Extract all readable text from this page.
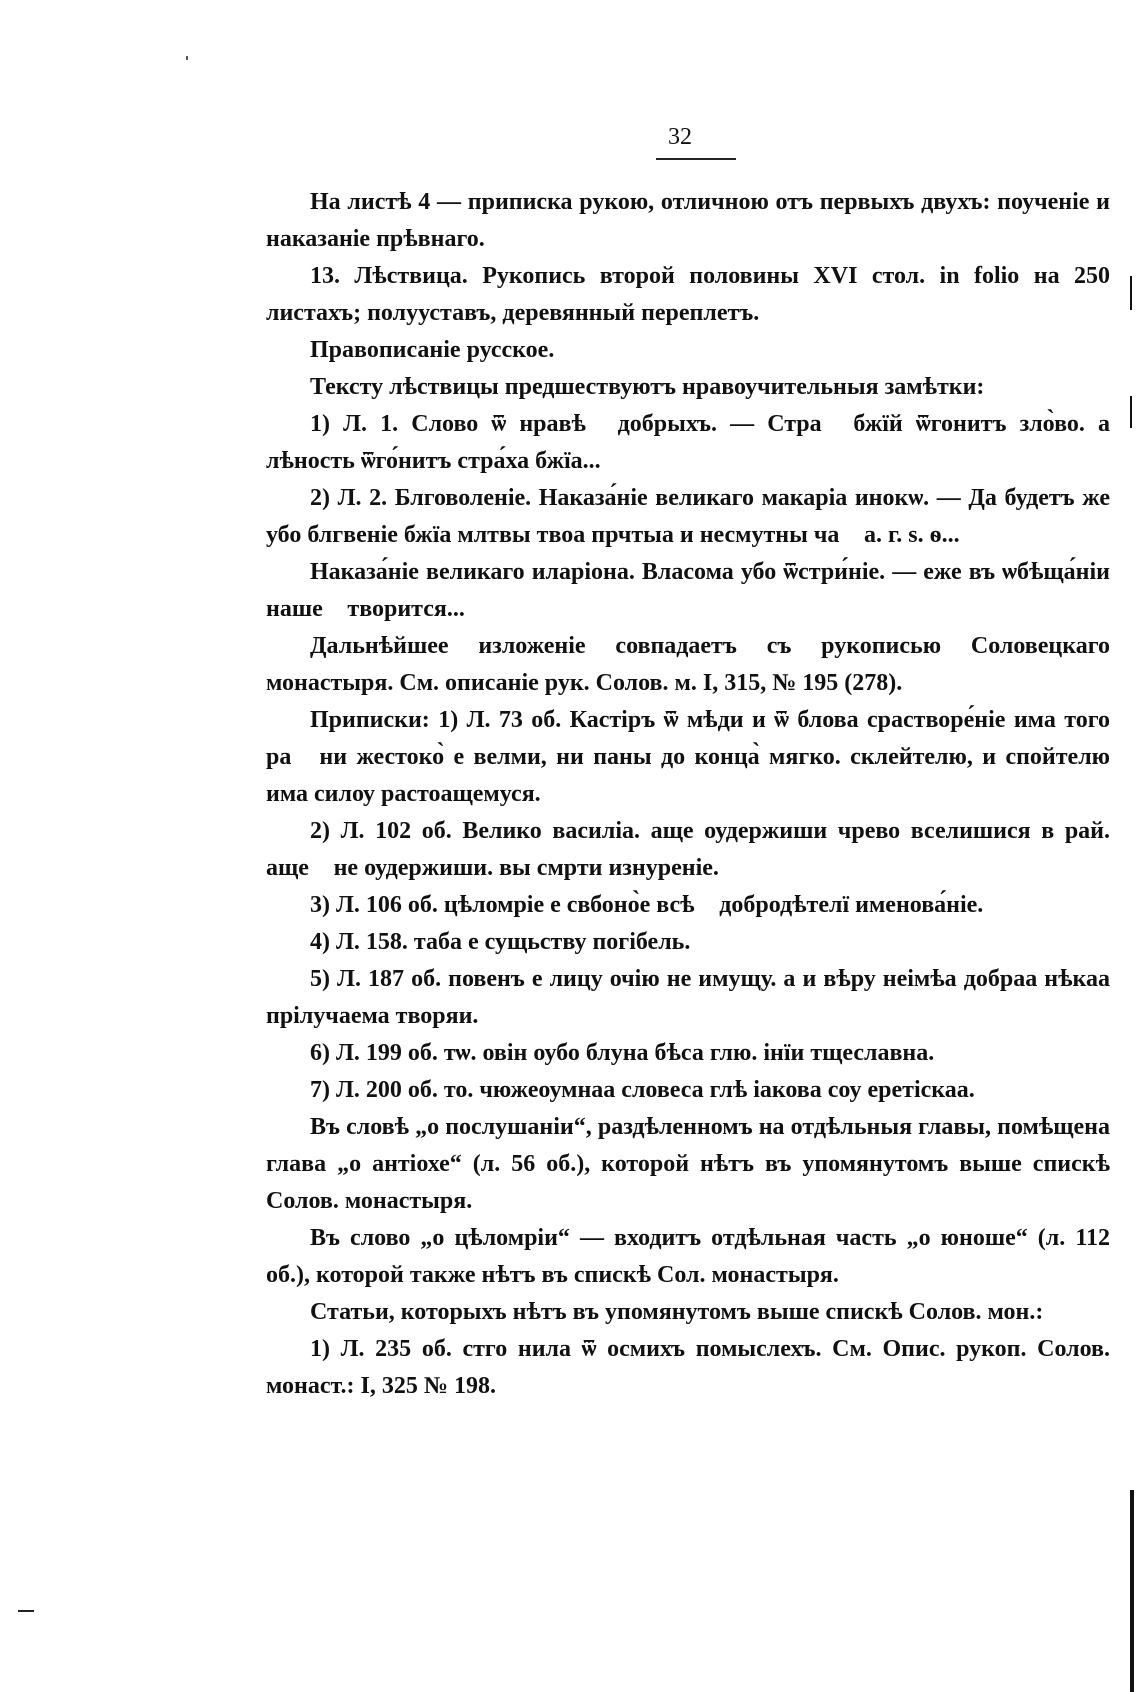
32

На листѣ 4 — приписка рукою, отличною отъ первыхъ двухъ: поученіе и наказаніе прѣвнаго.

13. Лѣствица. Рукопись второй половины XVI стол. in folio на 250 листахъ; полууставъ, деревянный переплетъ.

Правописаніе русское.

Тексту лѣствицы предшествуютъ нравоучительныя замѣтки:

1) Л. 1. Слово ѿ нравѣⷯ добрыхъ. — Страⷯ бжїй ѿгонитъ зло̀во. а лѣность ѿго́нитъ стра́ха бжїа...

2) Л. 2. Блговоленіе. Наказа́ніе великаго макаріа инокѡ. — Да будетъ же убо блгвеніе бжїа млтвы твоа прчтыа и несмутны чаⷭ а. г. ѕ. ѳ...

Наказа́ніе великаго иларіона. Власома убо ѿстри́ніе. — еже въ ѡбѣща́ніи нашеⷨ творится...

Дальнѣйшее изложеніе совпадаетъ съ рукописью Соловецкаго монастыря. См. описаніе рук. Солов. м. I, 315, № 195 (278).

Приписки: 1) Л. 73 об. Кастіръ ѿ мѣди и ѿ блова срастворе́ніе има того раⷣ ни жестоко̀ е велми, ни паны до конца̀ мягко. склейтелю, и спойтелю има силоу растоащемуся.

2) Л. 102 об. Велико василіа. аще оудержиши чрево вселишися в рай. ащеⷤ не оудержиши. вы смрти изнуреніе.

3) Л. 106 об. цѣломріе е свбоно̀е всѣⷯ добродѣтелї именова́ніе.

4) Л. 158. таба е сущьству погібель.

5) Л. 187 об. повенъ е лицу очію не имущу. а и вѣру неімѣа добраа нѣкаа прілучаема творяи.

6) Л. 199 об. тѡ. овін оубо блуна бѣса глю. інїи тщеславна.

7) Л. 200 об. то. чюжеоумнаа словеса глѣ іакова соу еретіскаа.

Въ словѣ „о послушаніи“, раздѣленномъ на отдѣльныя главы, помѣщена глава „о антіохе“ (л. 56 об.), которой нѣтъ въ упомянутомъ выше спискѣ Солов. монастыря.

Въ слово „о цѣломріи“ — входитъ отдѣльная часть „о юноше“ (л. 112 об.), которой также нѣтъ въ спискѣ Сол. монастыря.

Статьи, которыхъ нѣтъ въ упомянутомъ выше спискѣ Солов. мон.:

1) Л. 235 об. стго нила ѿ осмихъ помыслехъ. См. Опис. рукоп. Солов. монаст.: I, 325 № 198.
